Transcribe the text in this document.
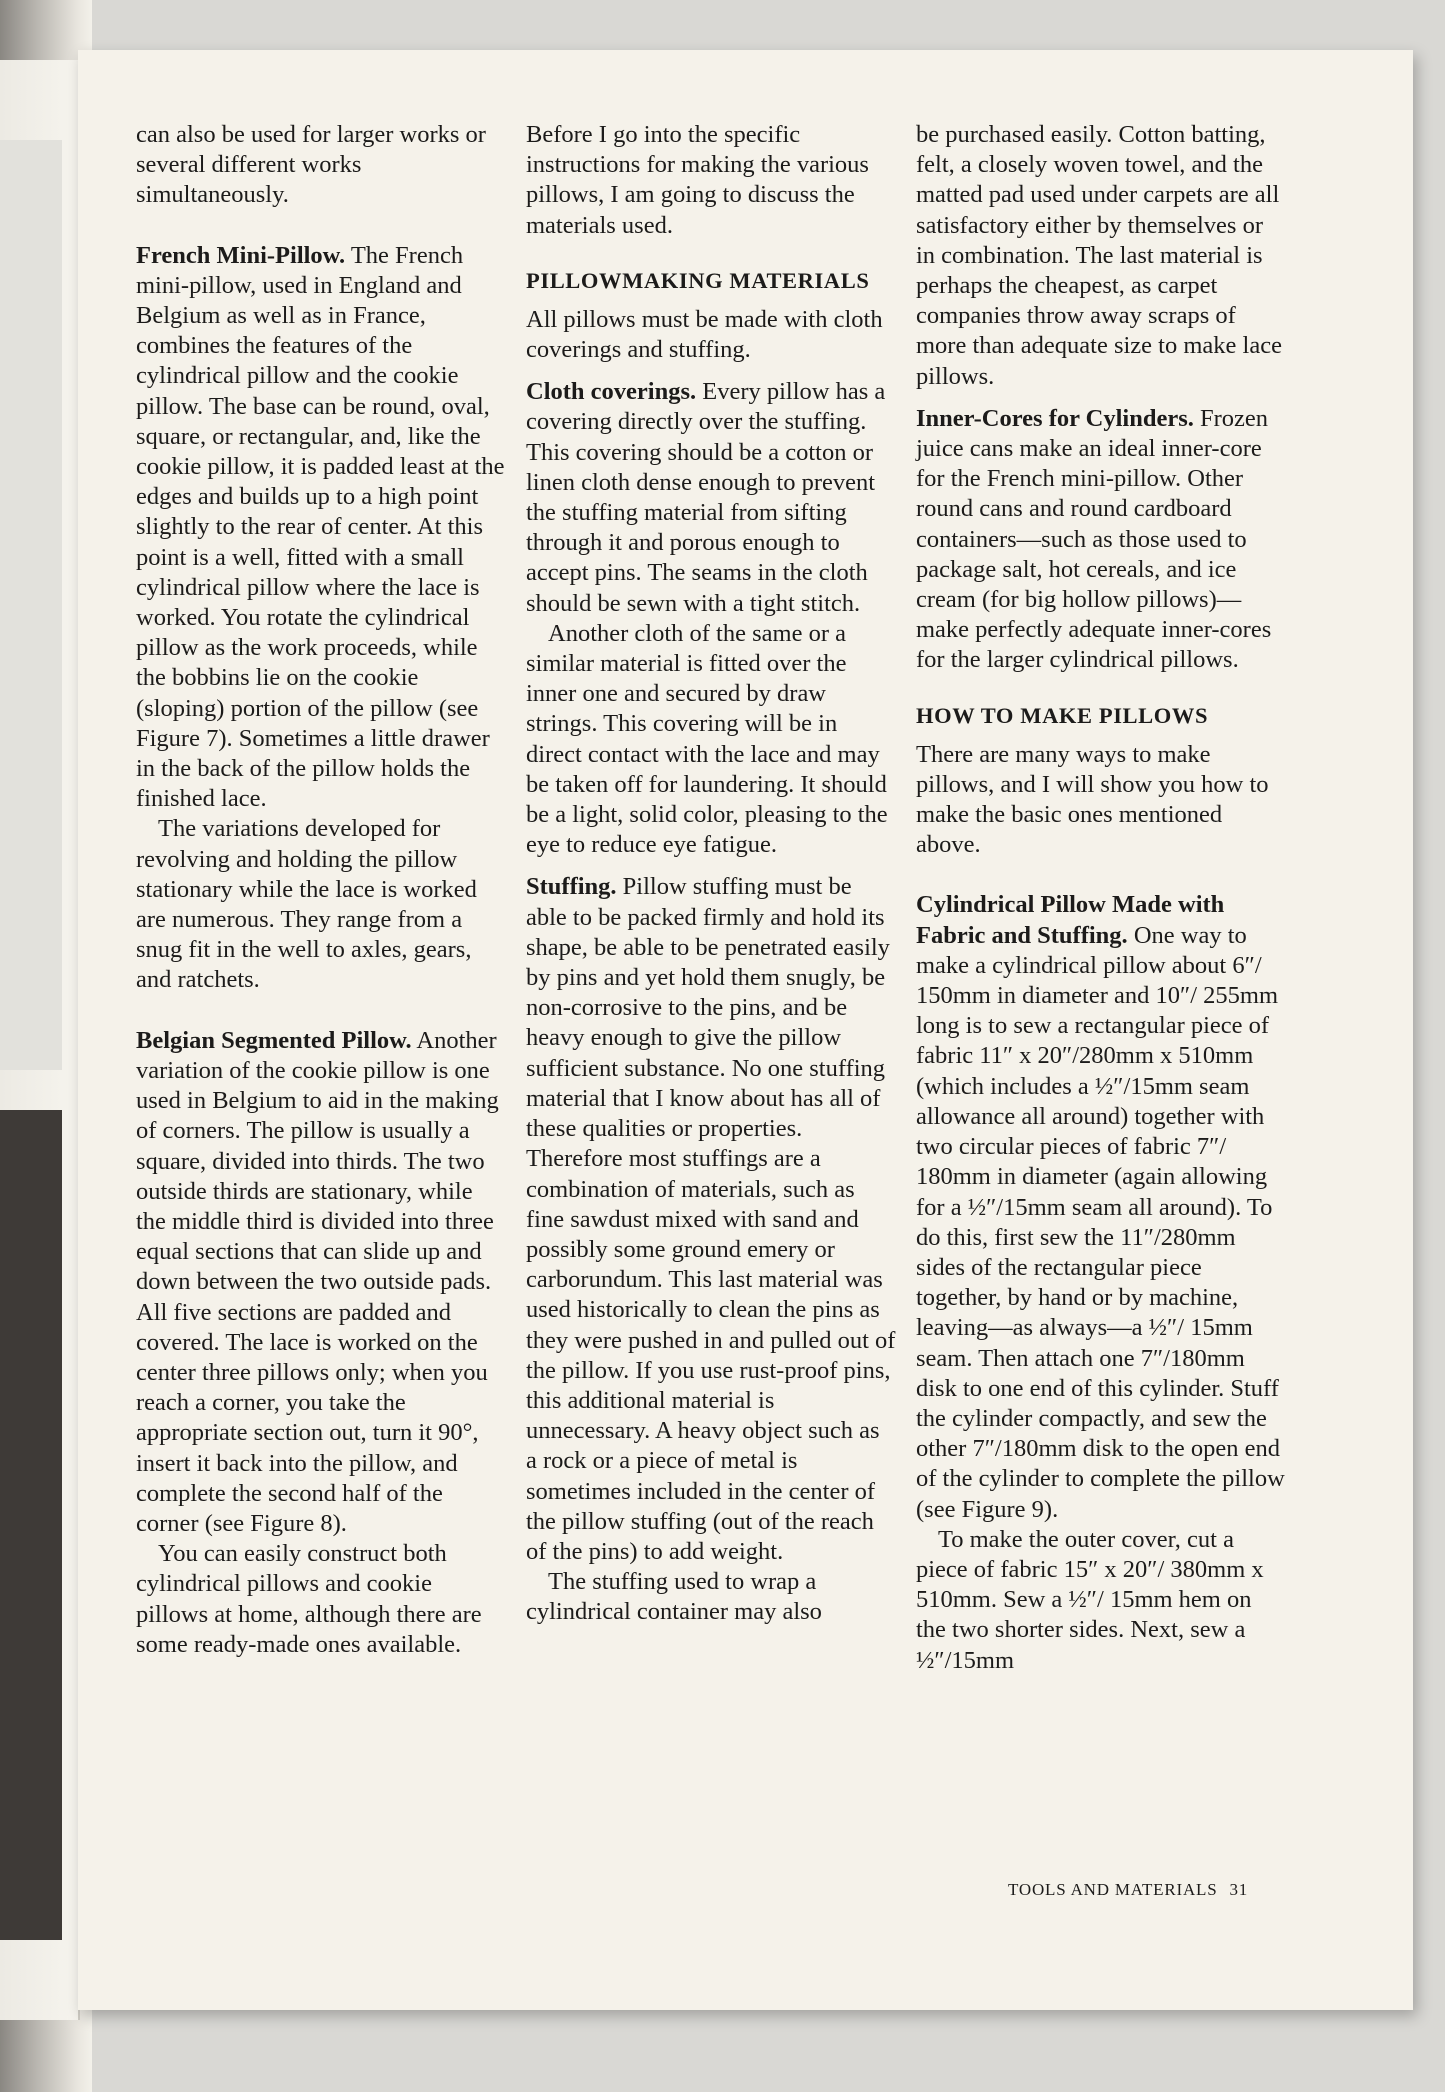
can also be used for larger works or several different works simultaneously.

French Mini-Pillow. The French mini-pillow, used in England and Belgium as well as in France, combines the features of the cylindrical pillow and the cookie pillow. The base can be round, oval, square, or rectangular, and, like the cookie pillow, it is padded least at the edges and builds up to a high point slightly to the rear of center. At this point is a well, fitted with a small cylindrical pillow where the lace is worked. You rotate the cylindrical pillow as the work proceeds, while the bobbins lie on the cookie (sloping) portion of the pillow (see Figure 7). Sometimes a little drawer in the back of the pillow holds the finished lace.

The variations developed for revolving and holding the pillow stationary while the lace is worked are numerous. They range from a snug fit in the well to axles, gears, and ratchets.

Belgian Segmented Pillow. Another variation of the cookie pillow is one used in Belgium to aid in the making of corners. The pillow is usually a square, divided into thirds. The two outside thirds are stationary, while the middle third is divided into three equal sections that can slide up and down between the two outside pads. All five sections are padded and covered. The lace is worked on the center three pillows only; when you reach a corner, you take the appropriate section out, turn it 90°, insert it back into the pillow, and complete the second half of the corner (see Figure 8).

You can easily construct both cylindrical pillows and cookie pillows at home, although there are some ready-made ones available.

Before I go into the specific instructions for making the various pillows, I am going to discuss the materials used.

PILLOWMAKING MATERIALS

All pillows must be made with cloth coverings and stuffing.

Cloth coverings. Every pillow has a covering directly over the stuffing. This covering should be a cotton or linen cloth dense enough to prevent the stuffing material from sifting through it and porous enough to accept pins. The seams in the cloth should be sewn with a tight stitch.

Another cloth of the same or a similar material is fitted over the inner one and secured by draw strings. This covering will be in direct contact with the lace and may be taken off for laundering. It should be a light, solid color, pleasing to the eye to reduce eye fatigue.

Stuffing. Pillow stuffing must be able to be packed firmly and hold its shape, be able to be penetrated easily by pins and yet hold them snugly, be non-corrosive to the pins, and be heavy enough to give the pillow sufficient substance. No one stuffing material that I know about has all of these qualities or properties. Therefore most stuffings are a combination of materials, such as fine sawdust mixed with sand and possibly some ground emery or carborundum. This last material was used historically to clean the pins as they were pushed in and pulled out of the pillow. If you use rust-proof pins, this additional material is unnecessary. A heavy object such as a rock or a piece of metal is sometimes included in the center of the pillow stuffing (out of the reach of the pins) to add weight.

The stuffing used to wrap a cylindrical container may also

be purchased easily. Cotton batting, felt, a closely woven towel, and the matted pad used under carpets are all satisfactory either by themselves or in combination. The last material is perhaps the cheapest, as carpet companies throw away scraps of more than adequate size to make lace pillows.

Inner-Cores for Cylinders. Frozen juice cans make an ideal inner-core for the French mini-pillow. Other round cans and round cardboard containers—such as those used to package salt, hot cereals, and ice cream (for big hollow pillows)—make perfectly adequate inner-cores for the larger cylindrical pillows.

HOW TO MAKE PILLOWS

There are many ways to make pillows, and I will show you how to make the basic ones mentioned above.

Cylindrical Pillow Made with Fabric and Stuffing. One way to make a cylindrical pillow about 6″/ 150mm in diameter and 10″/ 255mm long is to sew a rectangular piece of fabric 11″ x 20″/280mm x 510mm (which includes a ½″/15mm seam allowance all around) together with two circular pieces of fabric 7″/ 180mm in diameter (again allowing for a ½″/15mm seam all around). To do this, first sew the 11″/280mm sides of the rectangular piece together, by hand or by machine, leaving—as always—a ½″/ 15mm seam. Then attach one 7″/180mm disk to one end of this cylinder. Stuff the cylinder compactly, and sew the other 7″/180mm disk to the open end of the cylinder to complete the pillow (see Figure 9).

To make the outer cover, cut a piece of fabric 15″ x 20″/ 380mm x 510mm. Sew a ½″/ 15mm hem on the two shorter sides. Next, sew a ½″/15mm

TOOLS AND MATERIALS 31
